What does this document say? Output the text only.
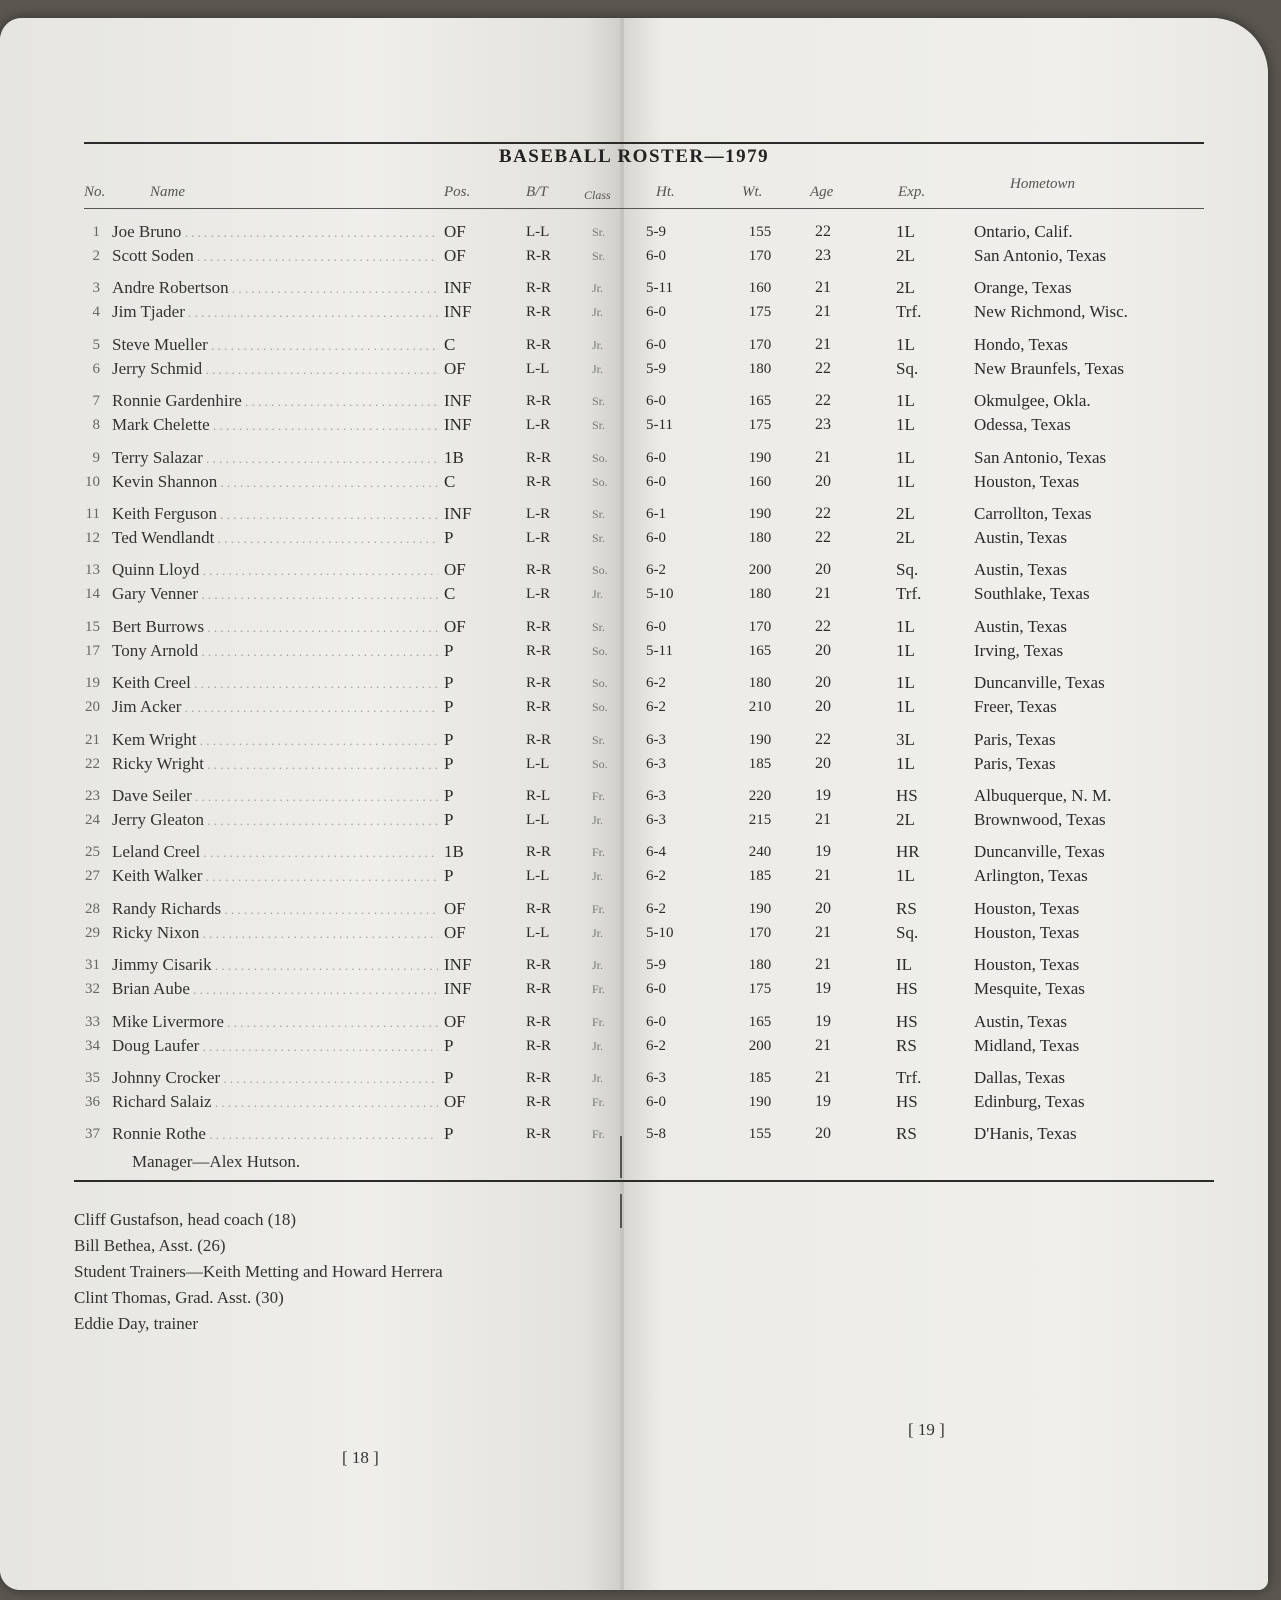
BASEBALL ROSTER—1979
No.	Name	Pos.	B/T	Class	Ht.	Wt.	Age	Exp.	Hometown
1 Joe Bruno . . .	OF	L-L	Sr.	5-9	155	22	1L	Ontario, Calif.
2 Scott Soden . . .	OF	R-R	Sr.	6-0	170	23	2L	San Antonio, Texas
3 Andre Robertson . . .	INF	R-R	Jr.	5-11	160	21	2L	Orange, Texas
4 Jim Tjader . . .	INF	R-R	Jr.	6-0	175	21	Trf.	New Richmond, Wisc.
5 Steve Mueller . . .	C	R-R	Jr.	6-0	170	21	1L	Hondo, Texas
6 Jerry Schmid . . .	OF	L-L	Jr.	5-9	180	22	Sq.	New Braunfels, Texas
7 Ronnie Gardenhire . . .	INF	R-R	Sr.	6-0	165	22	1L	Okmulgee, Okla.
8 Mark Chelette . . .	INF	L-R	Sr.	5-11	175	23	1L	Odessa, Texas
9 Terry Salazar . . .	1B	R-R	So.	6-0	190	21	1L	San Antonio, Texas
10 Kevin Shannon . . .	C	R-R	So.	6-0	160	20	1L	Houston, Texas
11 Keith Ferguson . . .	INF	L-R	Sr.	6-1	190	22	2L	Carrollton, Texas
12 Ted Wendlandt . . .	P	L-R	Sr.	6-0	180	22	2L	Austin, Texas
13 Quinn Lloyd . . .	OF	R-R	So.	6-2	200	20	Sq.	Austin, Texas
14 Gary Venner . . .	C	L-R	Jr.	5-10	180	21	Trf.	Southlake, Texas
15 Bert Burrows . . .	OF	R-R	Sr.	6-0	170	22	1L	Austin, Texas
17 Tony Arnold . . .	P	R-R	So.	5-11	165	20	1L	Irving, Texas
19 Keith Creel . . .	P	R-R	So.	6-2	180	20	1L	Duncanville, Texas
20 Jim Acker . . .	P	R-R	So.	6-2	210	20	1L	Freer, Texas
21 Kem Wright . . .	P	R-R	Sr.	6-3	190	22	3L	Paris, Texas
22 Ricky Wright . . .	P	L-L	So.	6-3	185	20	1L	Paris, Texas
23 Dave Seiler . . .	P	R-L	Fr.	6-3	220	19	HS	Albuquerque, N. M.
24 Jerry Gleaton . . .	P	L-L	Jr.	6-3	215	21	2L	Brownwood, Texas
25 Leland Creel . . .	1B	R-R	Fr.	6-4	240	19	HR	Duncanville, Texas
27 Keith Walker . . .	P	L-L	Jr.	6-2	185	21	1L	Arlington, Texas
28 Randy Richards . . .	OF	R-R	Fr.	6-2	190	20	RS	Houston, Texas
29 Ricky Nixon . . .	OF	L-L	Jr.	5-10	170	21	Sq.	Houston, Texas
31 Jimmy Cisarik . . .	INF	R-R	Jr.	5-9	180	21	IL	Houston, Texas
32 Brian Aube . . .	INF	R-R	Fr.	6-0	175	19	HS	Mesquite, Texas
33 Mike Livermore . . .	OF	R-R	Fr.	6-0	165	19	HS	Austin, Texas
34 Doug Laufer . . .	P	R-R	Jr.	6-2	200	21	RS	Midland, Texas
35 Johnny Crocker . . .	P	R-R	Jr.	6-3	185	21	Trf.	Dallas, Texas
36 Richard Salaiz . . .	OF	R-R	Fr.	6-0	190	19	HS	Edinburg, Texas
37 Ronnie Rothe . . .	P	R-R	Fr.	5-8	155	20	RS	D'Hanis, Texas
Manager—Alex Hutson.
Cliff Gustafson, head coach (18)
Bill Bethea, Asst. (26)
Student Trainers—Keith Metting and Howard Herrera
Clint Thomas, Grad. Asst. (30)
Eddie Day, trainer
[ 18 ]
[ 19 ]
